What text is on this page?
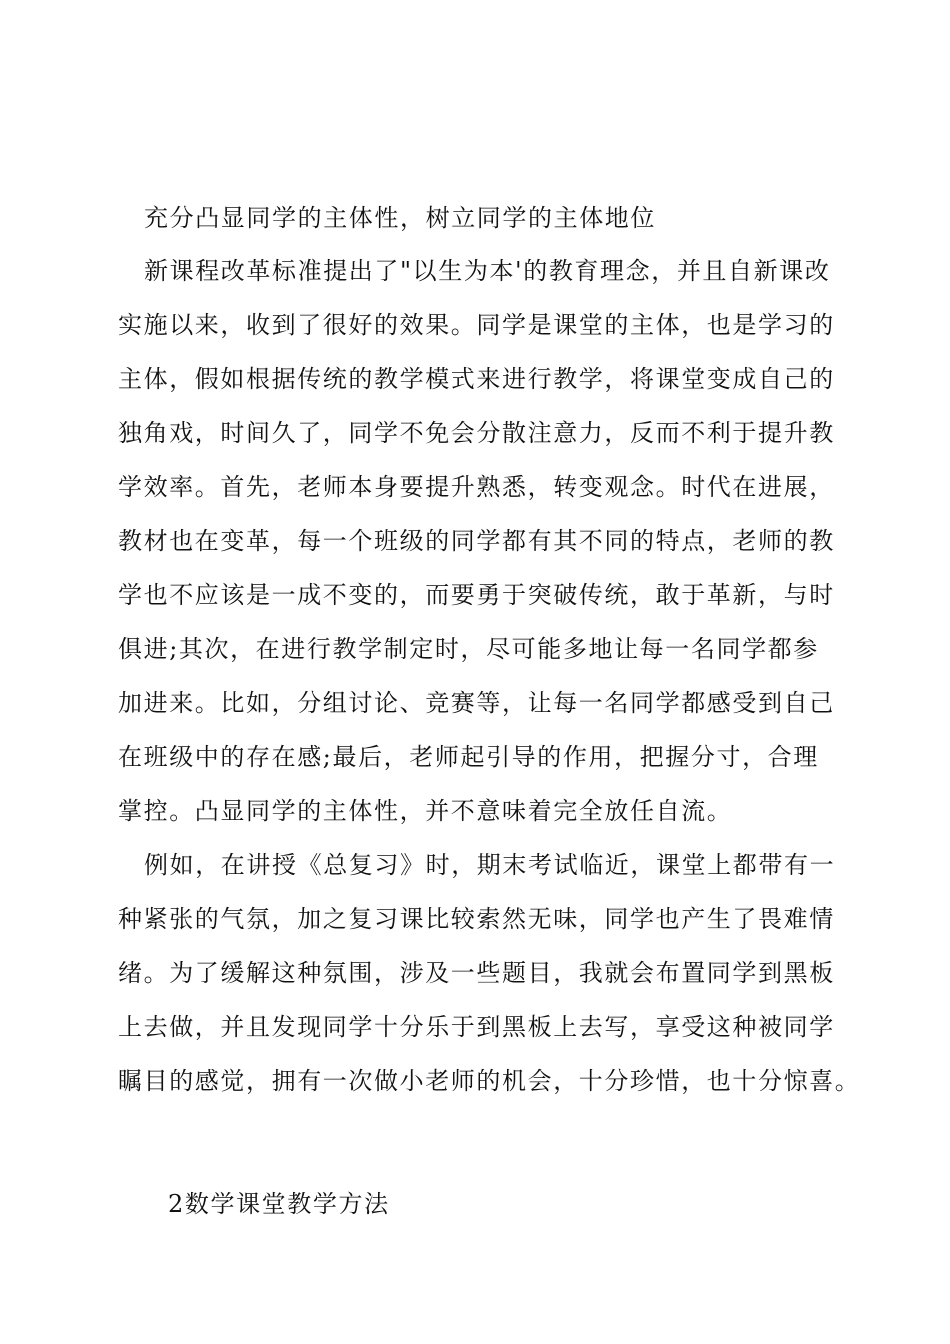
充分凸显同学的主体性，树立同学的主体地位
新课程改革标准提出了"以生为本'的教育理念，并且自新课改
实施以来，收到了很好的效果。同学是课堂的主体，也是学习的
主体，假如根据传统的教学模式来进行教学，将课堂变成自己的
独角戏，时间久了，同学不免会分散注意力，反而不利于提升教
学效率。首先，老师本身要提升熟悉，转变观念。时代在进展，
教材也在变革，每一个班级的同学都有其不同的特点，老师的教
学也不应该是一成不变的，而要勇于突破传统，敢于革新，与时
俱进;其次，在进行教学制定时，尽可能多地让每一名同学都参
加进来。比如，分组讨论、竞赛等，让每一名同学都感受到自己
在班级中的存在感;最后，老师起引导的作用，把握分寸，合理
掌控。凸显同学的主体性，并不意味着完全放任自流。
例如，在讲授《总复习》时，期末考试临近，课堂上都带有一
种紧张的气氛，加之复习课比较索然无味，同学也产生了畏难情
绪。为了缓解这种氛围，涉及一些题目，我就会布置同学到黑板
上去做，并且发现同学十分乐于到黑板上去写，享受这种被同学
瞩目的感觉，拥有一次做小老师的机会，十分珍惜，也十分惊喜。
2数学课堂教学方法
